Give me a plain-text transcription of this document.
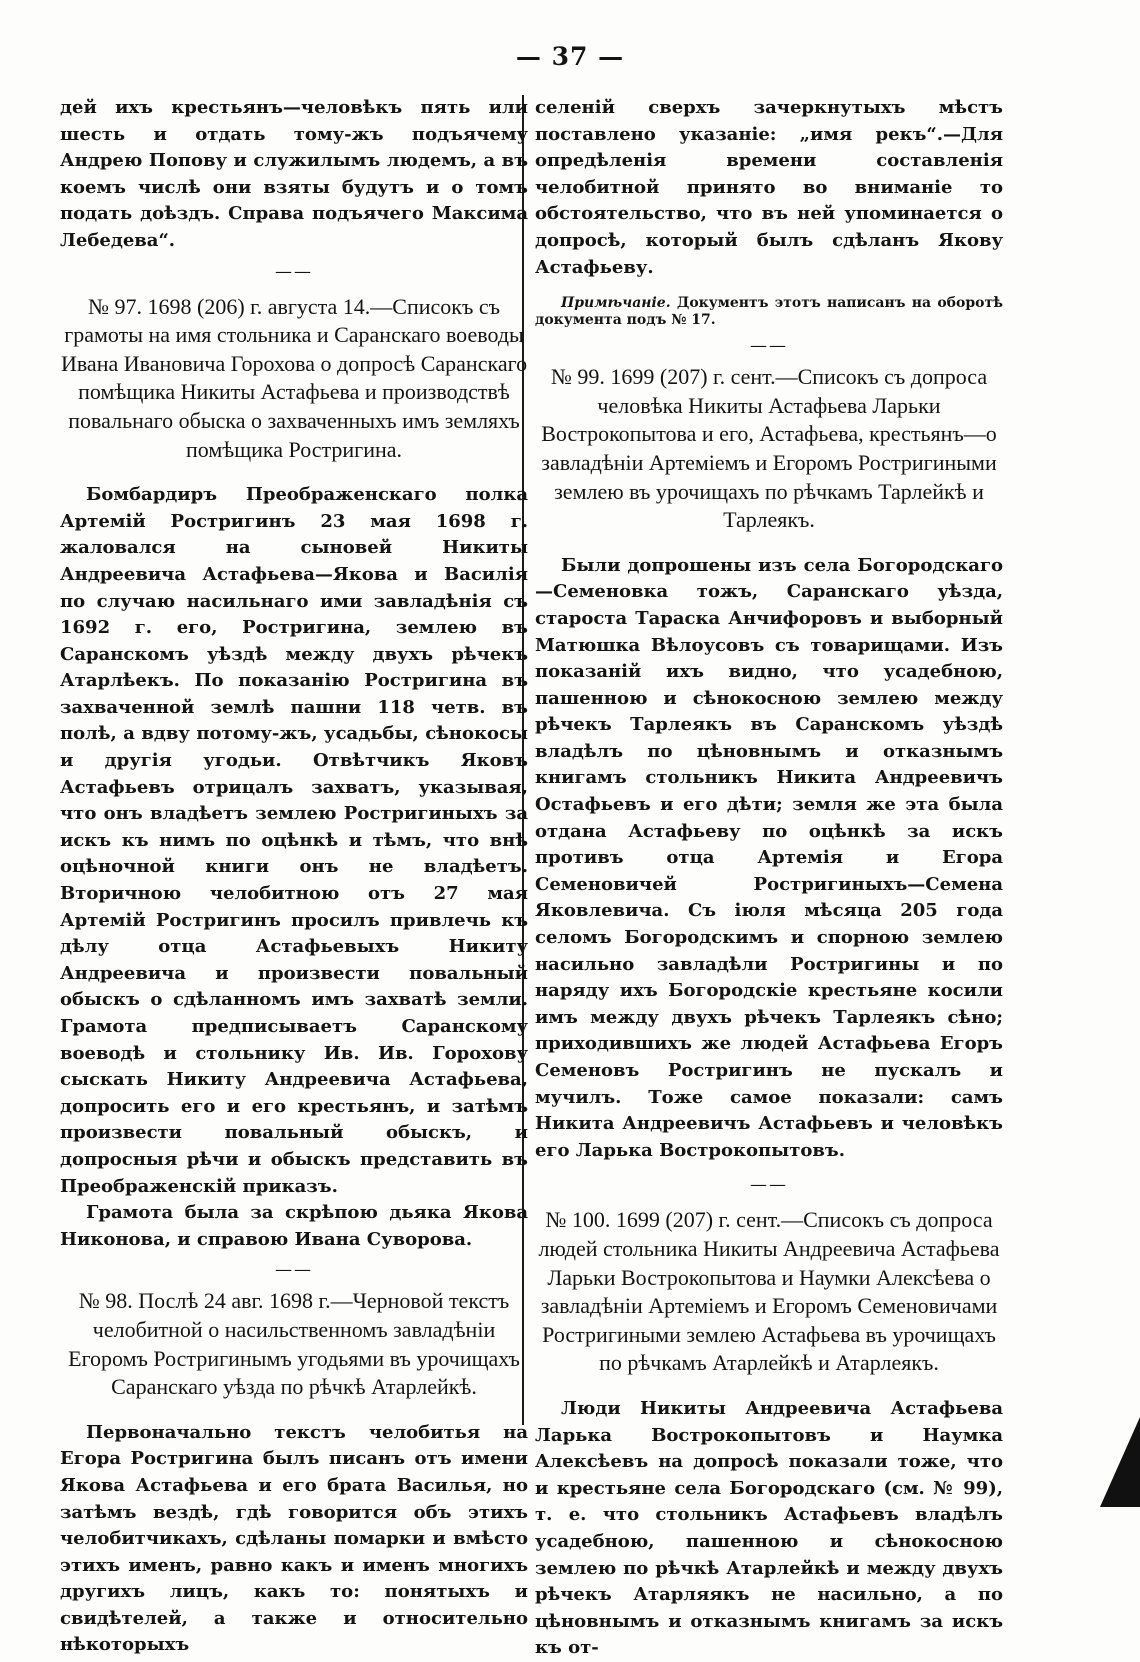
— 37 —

дей ихъ крестьянъ—человѣкъ пять или шесть и отдать тому-жъ подъячему Андрею Попову и служилымъ людемъ, а въ коемъ числѣ они взяты будутъ и о томъ подать доѣздъ. Справа подъячего Максима Лебедева“.

——

№ 97. 1698 (206) г. августа 14.—Списокъ съ грамоты на имя стольника и Саранскаго воеводы Ивана Ивановича Горохова о допросѣ Саранскаго помѣщика Никиты Астафьева и производствѣ повальнаго обыска о захваченныхъ имъ земляхъ помѣщика Ростригина.

Бомбардиръ Преображенскаго полка Артемій Ростригинъ 23 мая 1698 г. жаловался на сыновей Никиты Андреевича Астафьева—Якова и Василія по случаю насильнаго ими завладѣнія съ 1692 г. его, Ростригина, землею въ Саранскомъ уѣздѣ между двухъ рѣчекъ Атарлѣекъ. По показанію Ростригина въ захваченной землѣ пашни 118 четв. въ полѣ, а вдву потому-жъ, усадьбы, сѣнокосы и другія угодьи. Отвѣтчикъ Яковъ Астафьевъ отрицалъ захватъ, указывая, что онъ владѣетъ землею Ростригиныхъ за искъ къ нимъ по оцѣнкѣ и тѣмъ, что внѣ оцѣночной книги онъ не владѣетъ. Вторичною челобитною отъ 27 мая Артемій Ростригинъ просилъ привлечь къ дѣлу отца Астафьевыхъ Никиту Андреевича и произвести повальный обыскъ о сдѣланномъ имъ захватѣ земли. Грамота предписываетъ Саранскому воеводѣ и стольнику Ив. Ив. Горохову сыскать Никиту Андреевича Астафьева, допросить его и его крестьянъ, и затѣмъ произвести повальный обыскъ, и допросныя рѣчи и обыскъ представить въ Преображенскій приказъ.

Грамота была за скрѣпою дьяка Якова Никонова, и справою Ивана Суворова.

——

№ 98. Послѣ 24 авг. 1698 г.—Черновой текстъ челобитной о насильственномъ завладѣніи Егоромъ Ростригинымъ угодьями въ урочищахъ Саранскаго уѣзда по рѣчкѣ Атарлейкѣ.

Первоначально текстъ челобитья на Егора Ростригина былъ писанъ отъ имени Якова Астафьева и его брата Василья, но затѣмъ вездѣ, гдѣ говорится объ этихъ челобитчикахъ, сдѣланы помарки и вмѣсто этихъ именъ, равно какъ и именъ многихъ другихъ лицъ, какъ то: понятыхъ и свидѣтелей, а также и относительно нѣкоторыхъ

селеній сверхъ зачеркнутыхъ мѣстъ поставлено указаніе: „имя рекъ“.—Для опредѣленія времени составленія челобитной принято во вниманіе то обстоятельство, что въ ней упоминается о допросѣ, который былъ сдѣланъ Якову Астафьеву.

Примѣчаніе. Документъ этотъ написанъ на оборотѣ документа подъ № 17.

——

№ 99. 1699 (207) г. сент.—Списокъ съ допроса человѣка Никиты Астафьева Ларьки Вострокопытова и его, Астафьева, крестьянъ—о завладѣніи Артеміемъ и Егоромъ Ростригиными землею въ урочищахъ по рѣчкамъ Тарлейкѣ и Тарлеякъ.

Были допрошены изъ села Богородскаго—Семеновка тожъ, Саранскаго уѣзда, староста Тараска Анчифоровъ и выборный Матюшка Вѣлоусовъ съ товарищами. Изъ показаній ихъ видно, что усадебною, пашенною и сѣнокосною землею между рѣчекъ Тарлеякъ въ Саранскомъ уѣздѣ владѣлъ по цѣновнымъ и отказнымъ книгамъ стольникъ Никита Андреевичъ Остафьевъ и его дѣти; земля же эта была отдана Астафьеву по оцѣнкѣ за искъ противъ отца Артемія и Егора Семеновичей Ростригиныхъ—Семена Яковлевича. Съ іюля мѣсяца 205 года селомъ Богородскимъ и спорною землею насильно завладѣли Ростригины и по наряду ихъ Богородскіе крестьяне косили имъ между двухъ рѣчекъ Тарлеякъ сѣно; приходившихъ же людей Астафьева Егоръ Семеновъ Ростригинъ не пускалъ и мучилъ. Тоже самое показали: самъ Никита Андреевичъ Астафьевъ и человѣкъ его Ларька Вострокопытовъ.

——

№ 100. 1699 (207) г. сент.—Списокъ съ допроса людей стольника Никиты Андреевича Астафьева Ларьки Вострокопытова и Наумки Алексѣева о завладѣніи Артеміемъ и Егоромъ Семеновичами Ростригиными землею Астафьева въ урочищахъ по рѣчкамъ Атарлейкѣ и Атарлеякъ.

Люди Никиты Андреевича Астафьева Ларька Вострокопытовъ и Наумка Алексѣевъ на допросѣ показали тоже, что и крестьяне села Богородскаго (см. № 99), т. е. что стольникъ Астафьевъ владѣлъ усадебною, пашенною и сѣнокосною землею по рѣчкѣ Атарлейкѣ и между двухъ рѣчекъ Атарляякъ не насильно, а по цѣновнымъ и отказнымъ книгамъ за искъ къ от-
